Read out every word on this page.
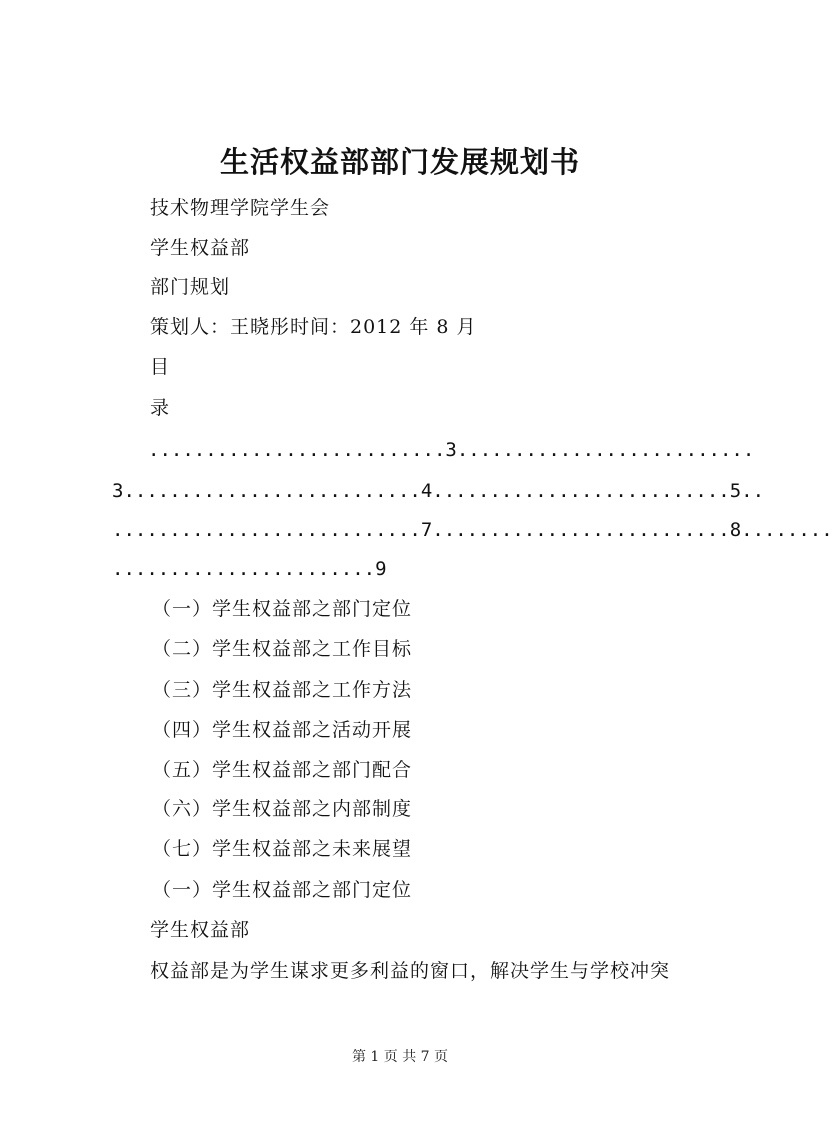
生活权益部部门发展规划书
技术物理学院学生会
学生权益部
部门规划
策划人：王晓彤时间：2012 年 8 月
目
录
..........................3..........................
3..........................4..........................5..
...........................7..........................8........
.......................9
（一）学生权益部之部门定位
（二）学生权益部之工作目标
（三）学生权益部之工作方法
（四）学生权益部之活动开展
（五）学生权益部之部门配合
（六）学生权益部之内部制度
（七）学生权益部之未来展望
（一）学生权益部之部门定位
学生权益部
权益部是为学生谋求更多利益的窗口，解决学生与学校冲突
第 1 页 共 7 页
